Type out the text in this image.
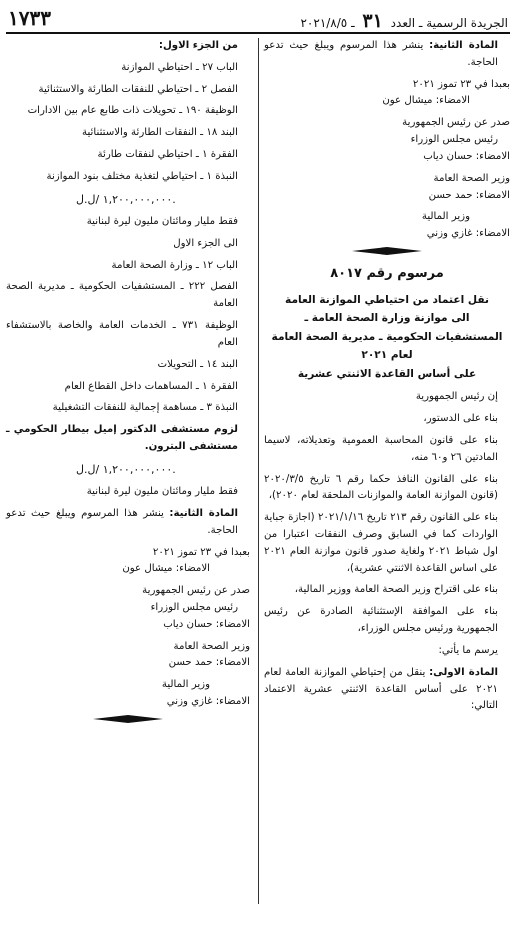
١٧٣٣	الجريدة الرسمية ـ العدد ٣١ ـ ٢٠٢١/٨/٥

المادة الثانية: ينشر هذا المرسوم ويبلغ حيث تدعو الحاجة.

بعبدا في ٢٣ تموز ٢٠٢١

الامضاء: ميشال عون

صدر عن رئيس الجمهورية

رئيس مجلس الوزراء

الامضاء: حسان دياب

وزير الصحة العامة

الامضاء: حمد حسن

وزير المالية

الامضاء: غازي وزني

مرسوم رقم ٨٠١٧
نقل اعتماد من احتياطي الموازنة العامة
الى موازنة وزارة الصحة العامة ـ
المستشفيات الحكومية ـ مديرية الصحة العامة
لعام ٢٠٢١
على أساس القاعدة الاثنتي عشرية

إن رئيس الجمهورية

بناء على الدستور،

بناء على قانون المحاسبة العمومية وتعديلاته، لاسيما المادتين ٢٦ و٦٠ منه،

بناء على القانون النافذ حكما رقم ٦ تاريخ ٢٠٢٠/٣/٥ (قانون الموازنة العامة والموازنات الملحقة لعام ٢٠٢٠)،

بناء على القانون رقم ٢١٣ تاريخ ٢٠٢١/١/١٦ (اجازة جباية الواردات كما في السابق وصرف النفقات اعتبارا من اول شباط ٢٠٢١ ولغاية صدور قانون موازنة العام ٢٠٢١ على اساس القاعدة الاثنتي عشرية)،

بناء على اقتراح وزير الصحة العامة ووزير المالية،

بناء على الموافقة الإستثنائية الصادرة عن رئيس الجمهورية ورئيس مجلس الوزراء،

يرسم ما يأتي:

المادة الاولى: ينقل من إحتياطي الموازنة العامة لعام ٢٠٢١ على أساس القاعدة الاثنتي عشرية الاعتماد التالي:

من الجزء الاول:

الباب ٢٧ ـ احتياطي الموازنة

الفصل ٢ ـ احتياطي للنفقات الطارئة والاستثنائية

الوظيفة ١٩٠ ـ تحويلات ذات طابع عام بين الادارات

البند ١٨ ـ النفقات الطارئة والاستثنائية

الفقرة ١ ـ احتياطي لنفقات طارئة

النبذة ١ ـ احتياطي لتغذية مختلف بنود الموازنة

١,٢٠٠,٠٠٠,٠٠٠ /ل.ل.

فقط مليار ومائتان مليون ليرة لبنانية

الى الجزء الاول

الباب ١٢ ـ وزارة الصحة العامة

الفصل ٢٢٢ ـ المستشفيات الحكومية ـ مديرية الصحة العامة

الوظيفة ٧٣١ ـ الخدمات العامة والخاصة بالاستشفاء العام

البند ١٤ ـ التحويلات

الفقرة ١ ـ المساهمات داخل القطاع العام

النبذة ٣ ـ مساهمة إجمالية للنفقات التشغيلية

لزوم مستشفى الدكتور إميل بيطار الحكومي ـ مستشفى البترون.

١,٢٠٠,٠٠٠,٠٠٠ /ل.ل.

فقط مليار ومائتان مليون ليرة لبنانية

المادة الثانية: ينشر هذا المرسوم ويبلغ حيث تدعو الحاجة.

بعبدا في ٢٣ تموز ٢٠٢١

الامضاء: ميشال عون

صدر عن رئيس الجمهورية

رئيس مجلس الوزراء

الامضاء: حسان دياب

وزير الصحة العامة

الامضاء: حمد حسن

وزير المالية

الامضاء: غازي وزني
